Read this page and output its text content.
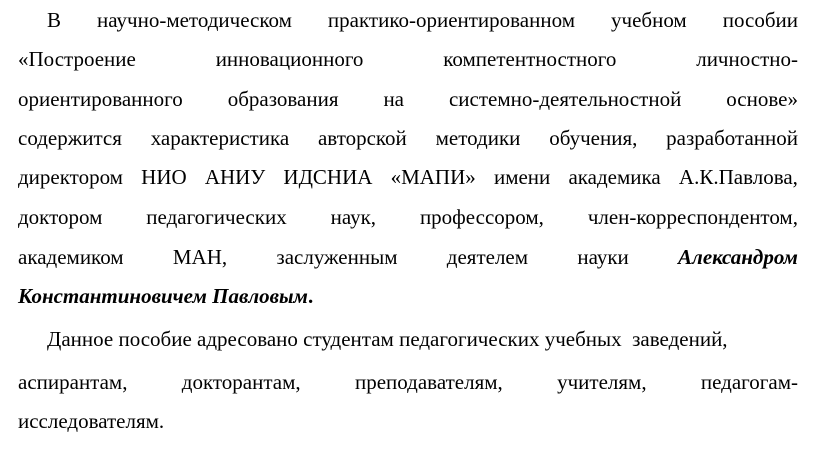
В научно-методическом практико-ориентированном учебном пособии
«Построение	инновационного	компетентностного	личностно-
ориентированного образования на системно-деятельностной основе»
содержится характеристика авторской методики обучения, разработанной
директором НИО АНИУ ИДСНИА «МАПИ» имени академика А.К.Павлова,
доктором педагогических наук, профессором, член-корреспондентом,
академиком МАН, заслуженным деятелем науки Александром
Константиновичем Павловым .
Данное пособие адресовано студентам педагогических учебных  заведений,
аспирантам,	докторантам,	преподавателям,	учителям,	педагогам-
исследователям.
